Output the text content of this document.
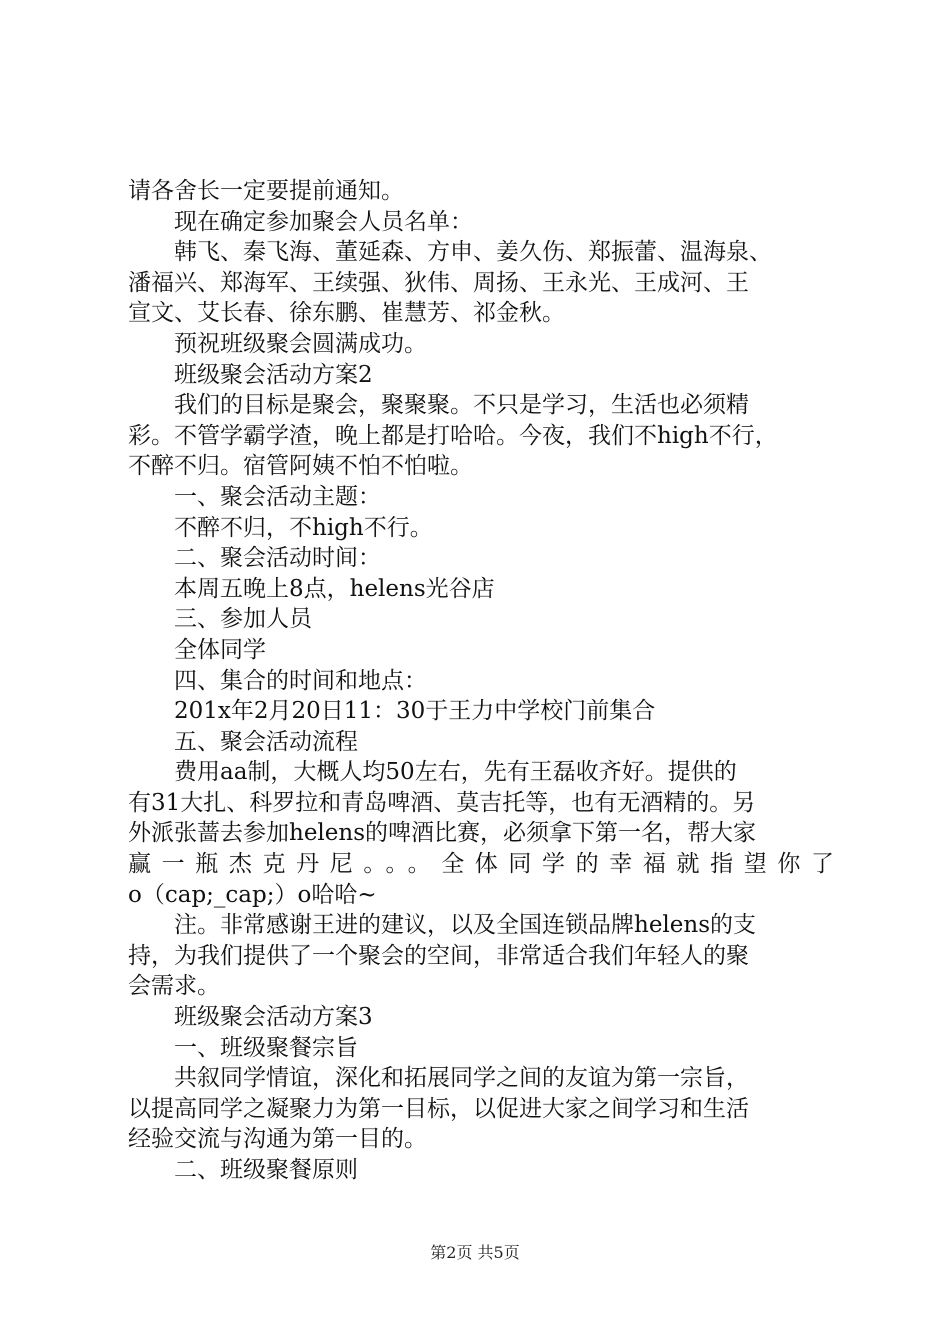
请各舍长一定要提前通知。
现在确定参加聚会人员名单：
韩飞、秦飞海、董延森、方申、姜久伤、郑振蕾、温海泉、
潘福兴、郑海军、王续强、狄伟、周扬、王永光、王成河、王
宣文、艾长春、徐东鹏、崔慧芳、祁金秋。
预祝班级聚会圆满成功。
班级聚会活动方案2
我们的目标是聚会，聚聚聚。不只是学习，生活也必须精
彩。不管学霸学渣，晚上都是打哈哈。今夜，我们不high不行，
不醉不归。宿管阿姨不怕不怕啦。
一、聚会活动主题：
不醉不归，不high不行。
二、聚会活动时间：
本周五晚上8点，helens光谷店
三、参加人员
全体同学
四、集合的时间和地点：
201x年2月20日11：30于王力中学校门前集合
五、聚会活动流程
费用aa制，大概人均50左右，先有王磊收齐好。提供的
有31大扎、科罗拉和青岛啤酒、莫吉托等，也有无酒精的。另
外派张蔷去参加helens的啤酒比赛，必须拿下第一名，帮大家
赢一瓶杰克丹尼。。。全体同学的幸福就指望你了
o（cap;_cap;）o哈哈~
注。非常感谢王进的建议，以及全国连锁品牌helens的支
持，为我们提供了一个聚会的空间，非常适合我们年轻人的聚
会需求。
班级聚会活动方案3
一、班级聚餐宗旨
共叙同学情谊，深化和拓展同学之间的友谊为第一宗旨，
以提高同学之凝聚力为第一目标，以促进大家之间学习和生活
经验交流与沟通为第一目的。
二、班级聚餐原则
第2页 共5页
